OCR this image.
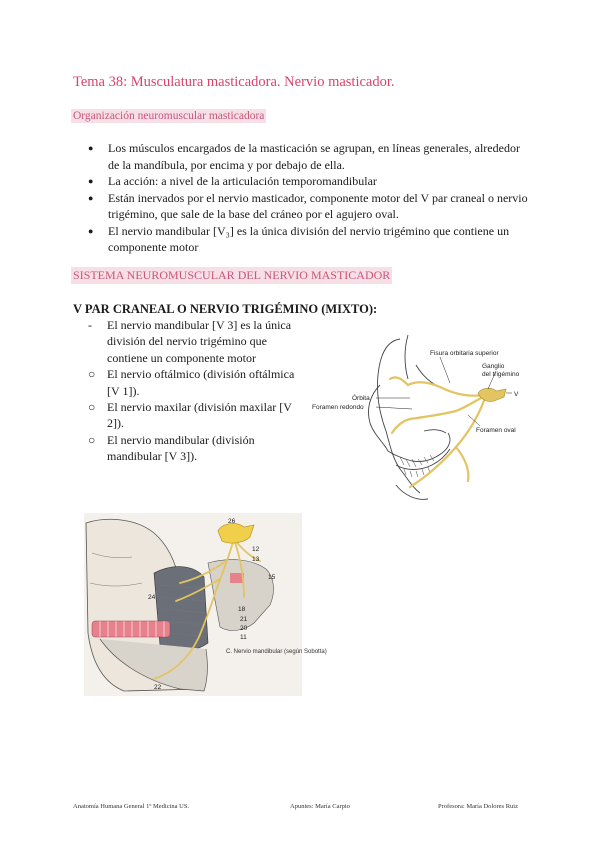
Tema 38: Musculatura masticadora. Nervio masticador.
Organización neuromuscular masticadora
● Los músculos encargados de la masticación se agrupan, en líneas generales, alrededor de la mandíbula, por encima y por debajo de ella.
● La acción: a nivel de la articulación temporomandibular
● Están inervados por el nervio masticador, componente motor del V par craneal o nervio trigémino, que sale de la base del cráneo por el agujero oval.
● El nervio mandibular [V₃] es la única división del nervio trigémino que contiene un componente motor
SISTEMA NEUROMUSCULAR DEL NERVIO MASTICADOR
V PAR CRANEAL O NERVIO TRIGÉMINO (MIXTO):
- El nervio mandibular [V 3] es la única división del nervio trigémino que contiene un componente motor
○ El nervio oftálmico (división oftálmica [V 1]).
○ El nervio maxilar (división maxilar [V 2]).
○ El nervio mandibular (división mandibular [V 3]).
Fisura orbitaria superior
Ganglio
del trigémino
V
Órbita
Foramen redondo
Foramen oval
26
12
13
15
24
18
21
20
11
22
C. Nervio mandibular (según Sobotta)
Anatomía Humana General 1º Medicina US.	Apuntes: María Carpio	Profesora: María Dolores Ruiz
